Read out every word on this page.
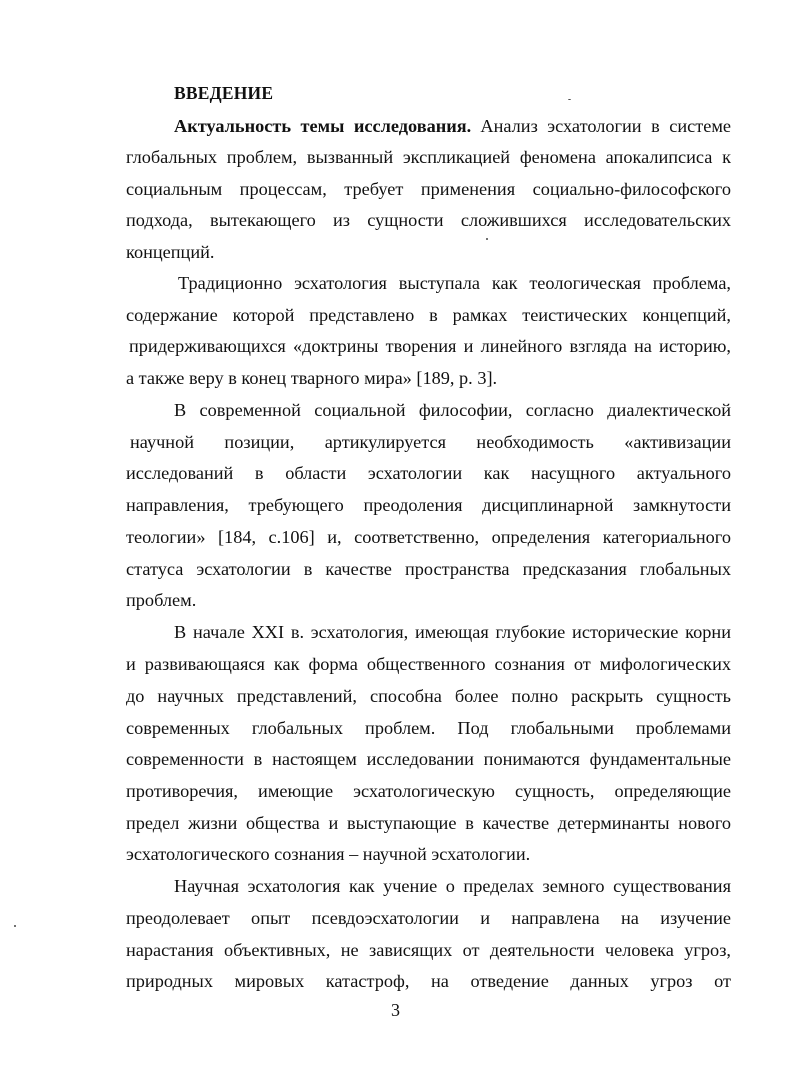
ВВЕДЕНИЕ
Актуальность темы исследования.  Анализ эсхатологии в системе
глобальных проблем, вызванный экспликацией феномена апокалипсиса к
социальным процессам, требует применения социально-философского
подхода, вытекающего из сущности сложившихся исследовательских
концепций.
Традиционно эсхатология выступала как теологическая проблема,
содержание которой представлено в рамках теистических концепций,
придерживающихся «доктрины творения и линейного взгляда на историю,
а также веру в конец тварного мира» [189, р. 3].
В современной социальной философии, согласно диалектической
научной позиции, артикулируется необходимость «активизации
исследований в области эсхатологии как насущного актуального
направления, требующего преодоления дисциплинарной замкнутости
теологии» [184, с.106] и, соответственно, определения категориального
статуса эсхатологии в качестве пространства предсказания глобальных
проблем.
В начале XXI в. эсхатология, имеющая глубокие исторические корни
и развивающаяся как форма общественного сознания от мифологических
до научных представлений, способна более полно раскрыть сущность
современных глобальных проблем. Под глобальными проблемами
современности в настоящем исследовании понимаются фундаментальные
противоречия, имеющие эсхатологическую сущность, определяющие
предел жизни общества и выступающие в качестве детерминанты нового
эсхатологического сознания – научной эсхатологии.
Научная эсхатология как учение о пределах земного существования
преодолевает опыт псевдоэсхатологии и направлена на изучение
нарастания объективных, не зависящих от деятельности человека угроз,
природных мировых катастроф, на отведение данных угроз от
3
